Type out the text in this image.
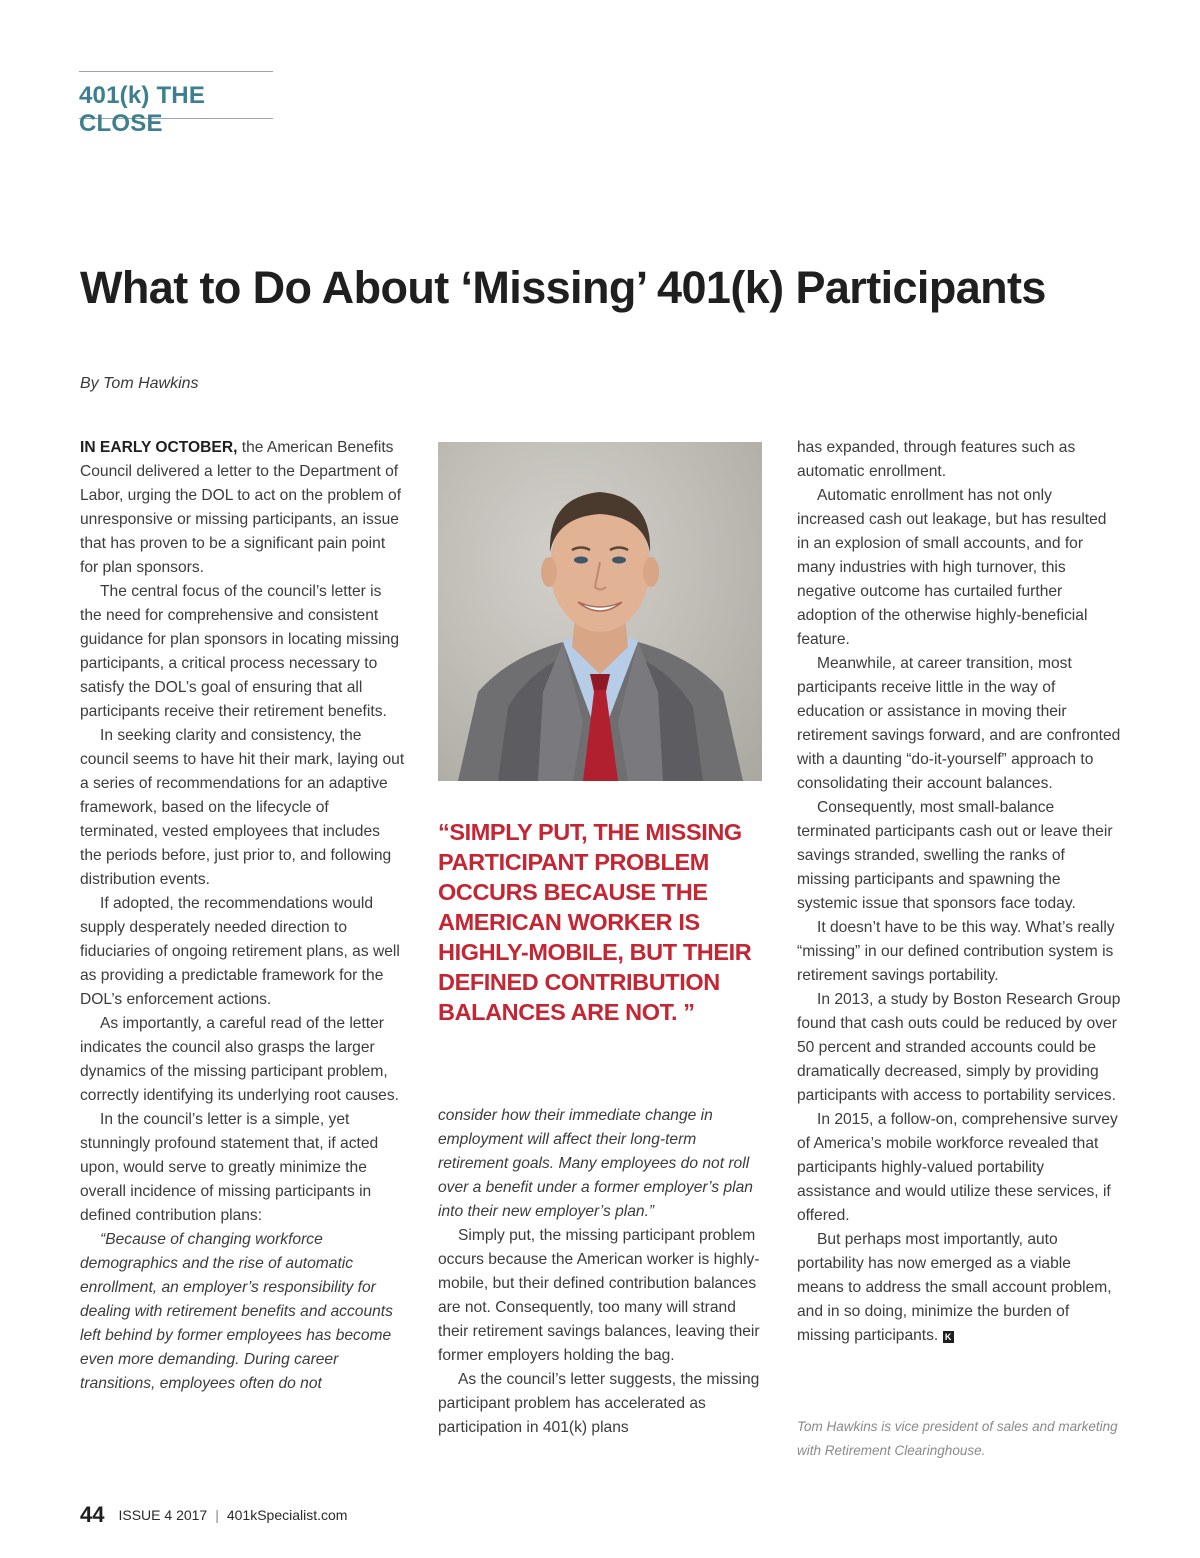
401(k) THE CLOSE
What to Do About ‘Missing’ 401(k) Participants
By Tom Hawkins

IN EARLY OCTOBER, the American Benefits Council delivered a letter to the Department of Labor, urging the DOL to act on the problem of unresponsive or missing participants, an issue that has proven to be a significant pain point for plan sponsors.

The central focus of the council’s letter is the need for comprehensive and consistent guidance for plan sponsors in locating missing participants, a critical process necessary to satisfy the DOL’s goal of ensuring that all participants receive their retirement benefits.

In seeking clarity and consistency, the council seems to have hit their mark, laying out a series of recommendations for an adaptive framework, based on the lifecycle of terminated, vested employees that includes the periods before, just prior to, and following distribution events.

If adopted, the recommendations would supply desperately needed direction to fiduciaries of ongoing retirement plans, as well as providing a predictable framework for the DOL’s enforcement actions.

As importantly, a careful read of the letter indicates the council also grasps the larger dynamics of the missing participant problem, correctly identifying its underlying root causes.

In the council’s letter is a simple, yet stunningly profound statement that, if acted upon, would serve to greatly minimize the overall incidence of missing participants in defined contribution plans:

“Because of changing workforce demographics and the rise of automatic enrollment, an employer’s responsibility for dealing with retirement benefits and accounts left behind by former employees has become even more demanding. During career transitions, employees often do not

“SIMPLY PUT, THE MISSING PARTICIPANT PROBLEM OCCURS BECAUSE THE AMERICAN WORKER IS HIGHLY-MOBILE, BUT THEIR DEFINED CONTRIBUTION BALANCES ARE NOT. ”

consider how their immediate change in employment will affect their long-term retirement goals. Many employees do not roll over a benefit under a former employer’s plan into their new employer’s plan.”

Simply put, the missing participant problem occurs because the American worker is highly-mobile, but their defined contribution balances are not. Consequently, too many will strand their retirement savings balances, leaving their former employers holding the bag.

As the council’s letter suggests, the missing participant problem has accelerated as participation in 401(k) plans

has expanded, through features such as automatic enrollment.

Automatic enrollment has not only increased cash out leakage, but has resulted in an explosion of small accounts, and for many industries with high turnover, this negative outcome has curtailed further adoption of the otherwise highly-beneficial feature.

Meanwhile, at career transition, most participants receive little in the way of education or assistance in moving their retirement savings forward, and are confronted with a daunting “do-it-yourself” approach to consolidating their account balances.

Consequently, most small-balance terminated participants cash out or leave their savings stranded, swelling the ranks of missing participants and spawning the systemic issue that sponsors face today.

It doesn’t have to be this way. What’s really “missing” in our defined contribution system is retirement savings portability.

In 2013, a study by Boston Research Group found that cash outs could be reduced by over 50 percent and stranded accounts could be dramatically decreased, simply by providing participants with access to portability services.

In 2015, a follow-on, comprehensive survey of America’s mobile workforce revealed that participants highly-valued portability assistance and would utilize these services, if offered.

But perhaps most importantly, auto portability has now emerged as a viable means to address the small account problem, and in so doing, minimize the burden of missing participants. K

Tom Hawkins is vice president of sales and marketing with Retirement Clearinghouse.
44 ISSUE 4 2017 | 401kSpecialist.com
